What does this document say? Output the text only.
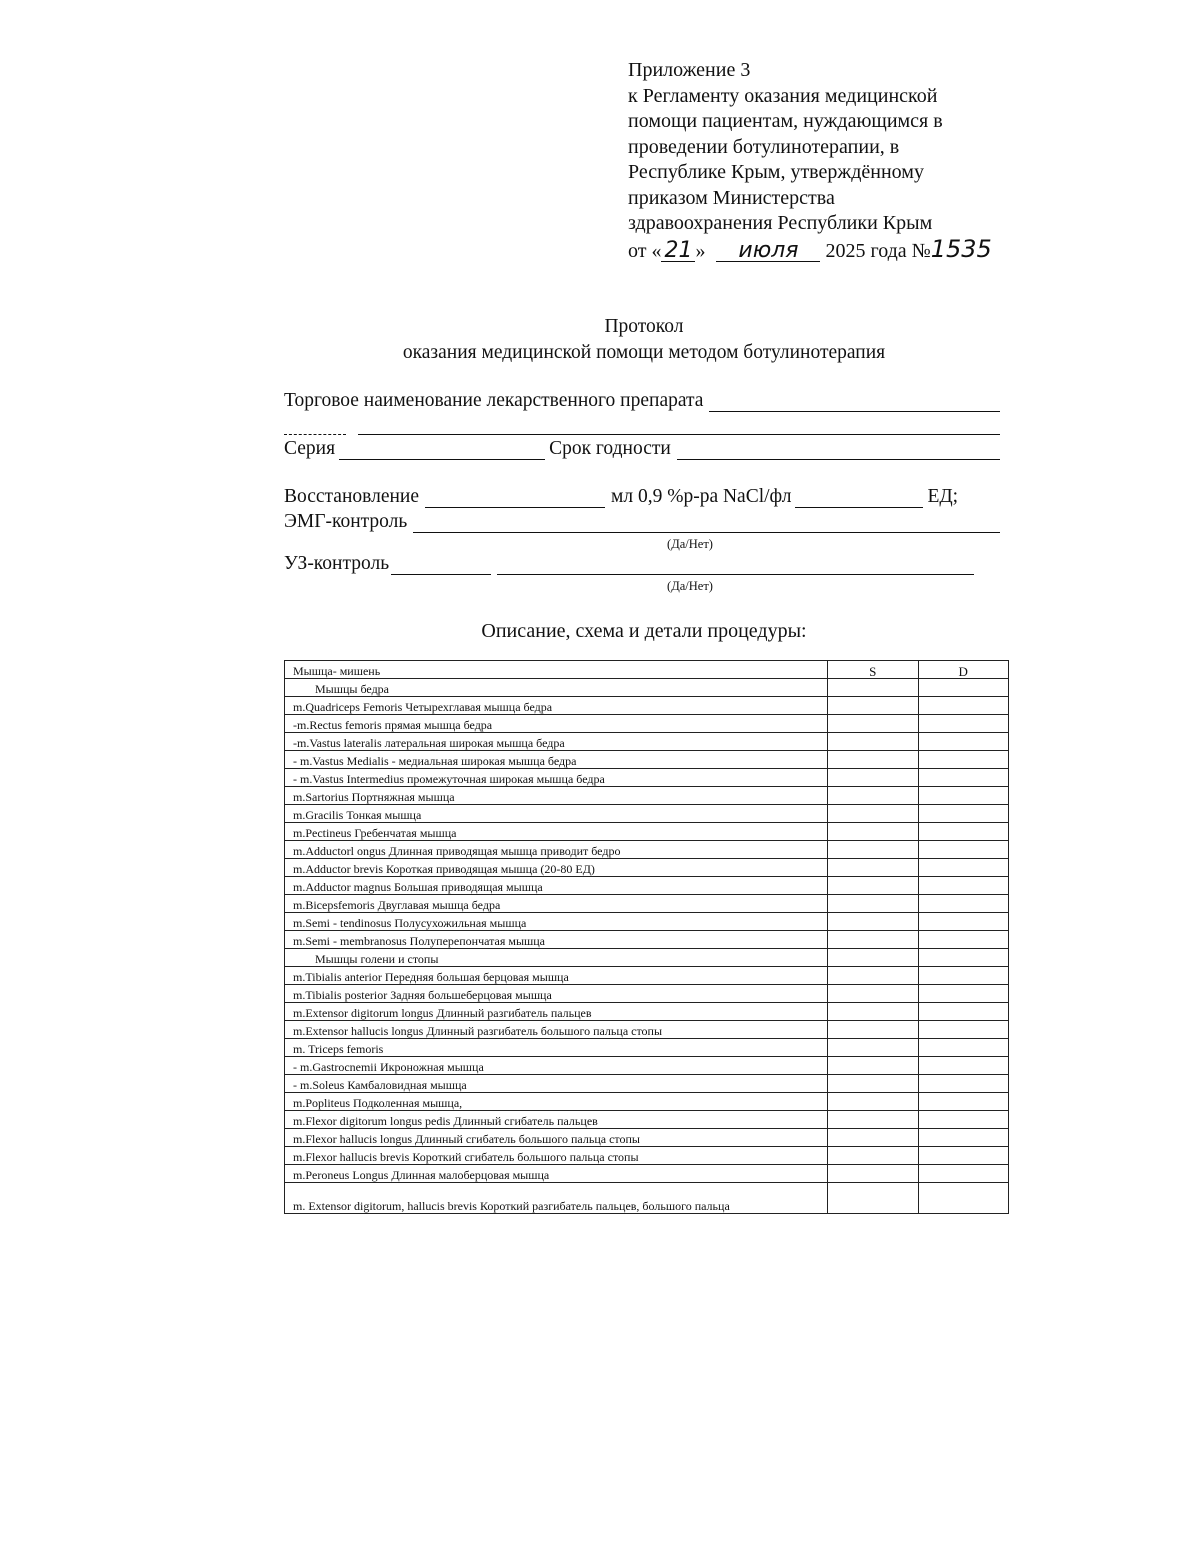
Приложение 3
к Регламенту оказания медицинской
помощи пациентам, нуждающимся в
проведении ботулинотерапии, в
Республике Крым, утверждённому
приказом Министерства
здравоохранения Республики Крым
от « 21 » июля 2025 года №1535
Протокол
оказания медицинской помощи методом ботулинотерапия
Торговое наименование лекарственного препарата
Серия	Срок годности
Восстановление	мл 0,9 %р-ра NaCl/фл	ЕД;
ЭМГ-контроль
(Да/Нет)
УЗ-контроль
(Да/Нет)
Описание, схема и детали процедуры:
Мышца- мишень	S	D
Мышцы бедра		
m.Quadriceps Femoris Четырехглавая мышца бедра		
-m.Rectus femoris прямая мышца бедра		
-m.Vastus lateralis латеральная широкая мышца бедра		
- m.Vastus Medialis - медиальная широкая мышца бедра		
- m.Vastus Intermedius промежуточная широкая мышца бедра		
m.Sartorius Портняжная мышца		
m.Gracilis Тонкая мышца		
m.Pectineus Гребенчатая мышца		
m.Adductorl ongus Длинная приводящая мышца приводит бедро		
m.Adductor brevis Короткая приводящая мышца (20-80 ЕД)		
m.Adductor magnus Большая приводящая мышца		
m.Bicepsfemoris Двуглавая мышца бедра		
m.Semi - tendinosus Полусухожильная мышца		
m.Semi - membranosus Полуперепончатая мышца		
Мышцы голени и стопы		
m.Tibialis anterior Передняя большая берцовая мышца		
m.Tibialis posterior Задняя большеберцовая мышца		
m.Extensor digitorum longus Длинный разгибатель пальцев		
m.Extensor hallucis longus Длинный разгибатель большого пальца стопы		
m. Triceps femoris		
- m.Gastrocnemii Икроножная мышца		
- m.Soleus Камбаловидная мышца		
m.Popliteus Подколенная мышца,		
m.Flexor digitorum longus pedis Длинный сгибатель пальцев		
m.Flexor hallucis longus Длинный сгибатель большого пальца стопы		
m.Flexor hallucis brevis Короткий сгибатель большого пальца стопы		
m.Peroneus Longus Длинная малоберцовая мышца		
m. Extensor digitorum, hallucis brevis Короткий разгибатель пальцев, большого пальца		
